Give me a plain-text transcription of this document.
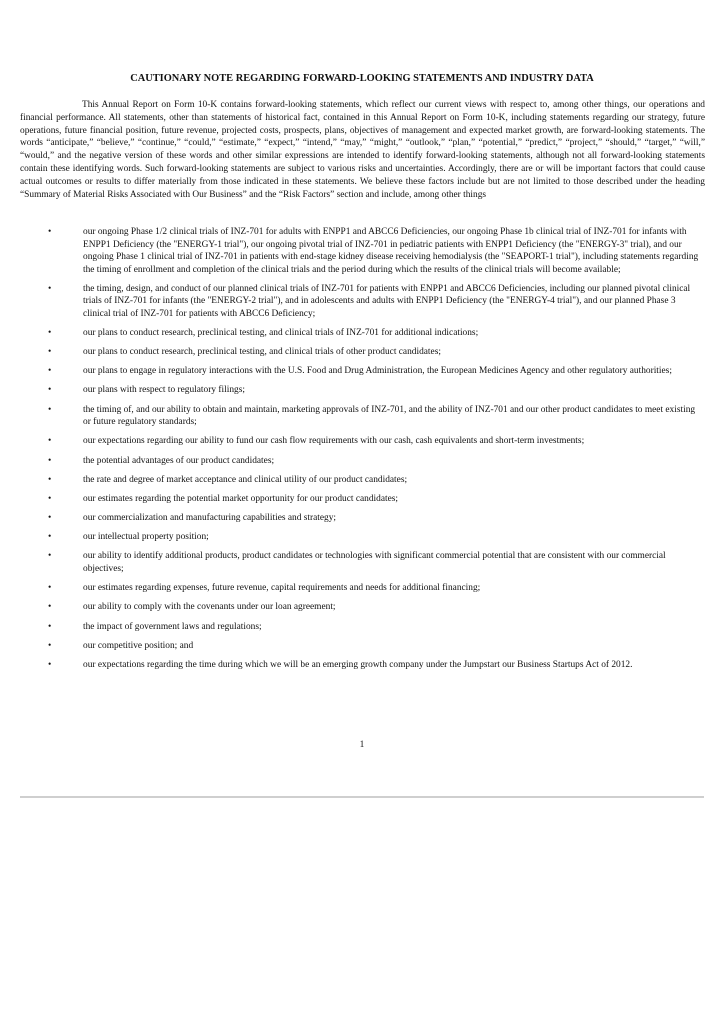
CAUTIONARY NOTE REGARDING FORWARD-LOOKING STATEMENTS AND INDUSTRY DATA

This Annual Report on Form 10-K contains forward-looking statements, which reflect our current views with respect to, among other things, our operations and financial performance. All statements, other than statements of historical fact, contained in this Annual Report on Form 10-K, including statements regarding our strategy, future operations, future financial position, future revenue, projected costs, prospects, plans, objectives of management and expected market growth, are forward-looking statements. The words “anticipate,” “believe,” “continue,” “could,” “estimate,” “expect,” “intend,” “may,” “might,” “outlook,” “plan,” “potential,” “predict,” “project,” “should,” “target,” “will,” “would,” and the negative version of these words and other similar expressions are intended to identify forward-looking statements, although not all forward-looking statements contain these identifying words. Such forward-looking statements are subject to various risks and uncertainties. Accordingly, there are or will be important factors that could cause actual outcomes or results to differ materially from those indicated in these statements. We believe these factors include but are not limited to those described under the heading “Summary of Material Risks Associated with Our Business” and the “Risk Factors” section and include, among other things

•	our ongoing Phase 1/2 clinical trials of INZ-701 for adults with ENPP1 and ABCC6 Deficiencies, our ongoing Phase 1b clinical trial of INZ-701 for infants with ENPP1 Deficiency (the "ENERGY-1 trial"), our ongoing pivotal trial of INZ-701 in pediatric patients with ENPP1 Deficiency (the "ENERGY-3" trial), and our ongoing Phase 1 clinical trial of INZ-701 in patients with end-stage kidney disease receiving hemodialysis (the "SEAPORT-1 trial"), including statements regarding the timing of enrollment and completion of the clinical trials and the period during which the results of the clinical trials will become available;
•	the timing, design, and conduct of our planned clinical trials of INZ-701 for patients with ENPP1 and ABCC6 Deficiencies, including our planned pivotal clinical trials of INZ-701 for infants (the "ENERGY-2 trial"), and in adolescents and adults with ENPP1 Deficiency (the "ENERGY-4 trial"), and our planned Phase 3 clinical trial of INZ-701 for patients with ABCC6 Deficiency;
•	our plans to conduct research, preclinical testing, and clinical trials of INZ-701 for additional indications;
•	our plans to conduct research, preclinical testing, and clinical trials of other product candidates;
•	our plans to engage in regulatory interactions with the U.S. Food and Drug Administration, the European Medicines Agency and other regulatory authorities;
•	our plans with respect to regulatory filings;
•	the timing of, and our ability to obtain and maintain, marketing approvals of INZ-701, and the ability of INZ-701 and our other product candidates to meet existing or future regulatory standards;
•	our expectations regarding our ability to fund our cash flow requirements with our cash, cash equivalents and short-term investments;
•	the potential advantages of our product candidates;
•	the rate and degree of market acceptance and clinical utility of our product candidates;
•	our estimates regarding the potential market opportunity for our product candidates;
•	our commercialization and manufacturing capabilities and strategy;
•	our intellectual property position;
•	our ability to identify additional products, product candidates or technologies with significant commercial potential that are consistent with our commercial objectives;
•	our estimates regarding expenses, future revenue, capital requirements and needs for additional financing;
•	our ability to comply with the covenants under our loan agreement;
•	the impact of government laws and regulations;
•	our competitive position; and
•	our expectations regarding the time during which we will be an emerging growth company under the Jumpstart our Business Startups Act of 2012.
1
